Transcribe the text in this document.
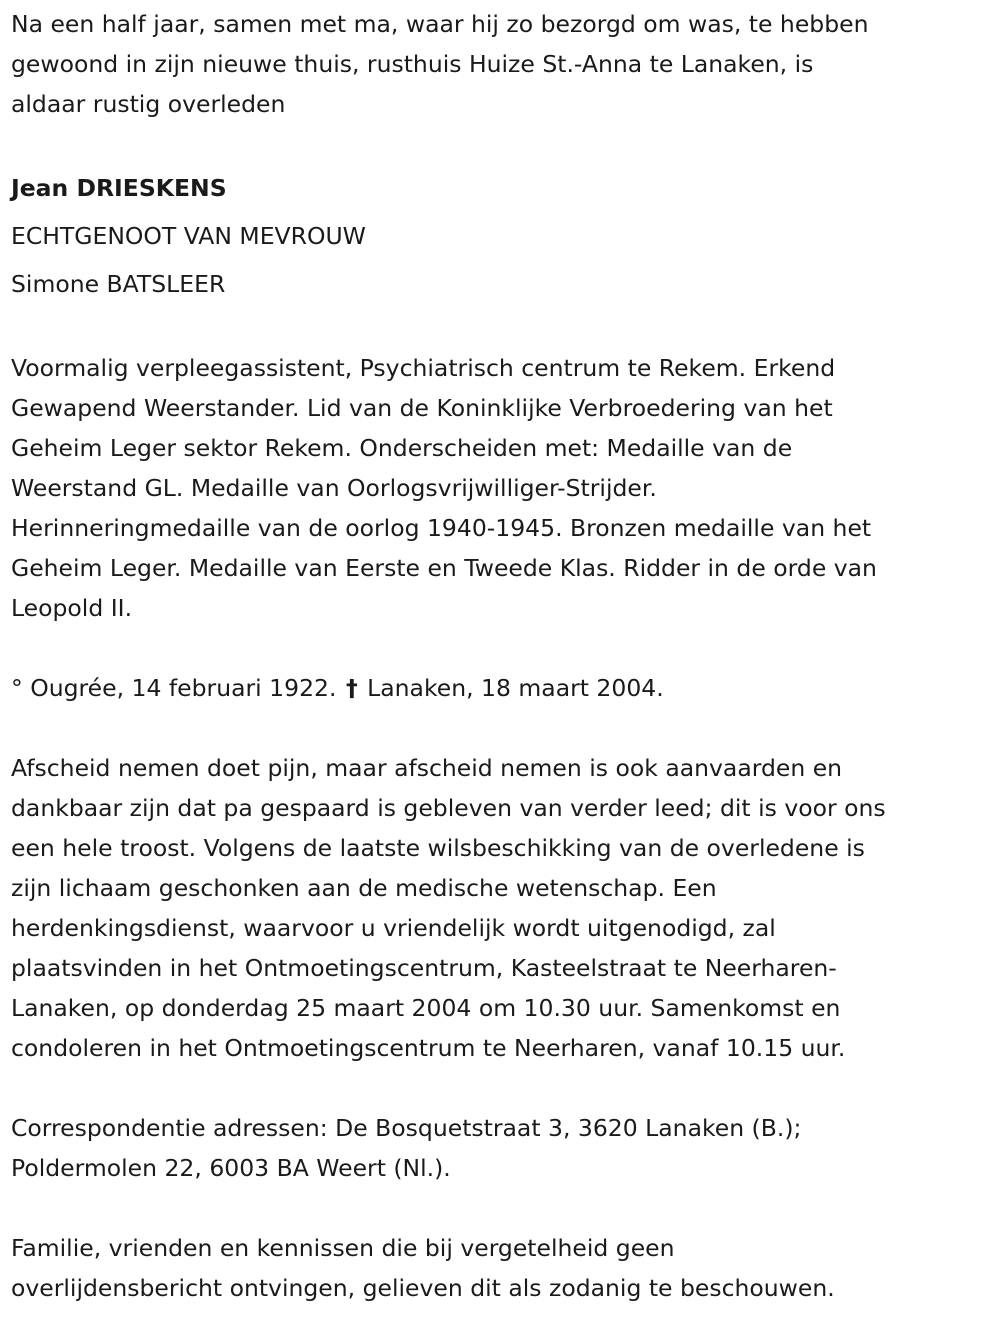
Na een half jaar, samen met ma, waar hij zo bezorgd om was, te hebben

gewoond in zijn nieuwe thuis, rusthuis Huize St.-Anna te Lanaken, is

aldaar rustig overleden

Jean DRIESKENS

ECHTGENOOT VAN MEVROUW

Simone BATSLEER

Voormalig verpleegassistent, Psychiatrisch centrum te Rekem. Erkend

Gewapend Weerstander. Lid van de Koninklijke Verbroedering van het

Geheim Leger sektor Rekem. Onderscheiden met: Medaille van de

Weerstand GL. Medaille van Oorlogsvrijwilliger-Strijder.

Herinneringmedaille van de oorlog 1940-1945. Bronzen medaille van het

Geheim Leger. Medaille van Eerste en Tweede Klas. Ridder in de orde van

Leopold II.

° Ougrée, 14 februari 1922. † Lanaken, 18 maart 2004.

Afscheid nemen doet pijn, maar afscheid nemen is ook aanvaarden en

dankbaar zijn dat pa gespaard is gebleven van verder leed; dit is voor ons

een hele troost. Volgens de laatste wilsbeschikking van de overledene is

zijn lichaam geschonken aan de medische wetenschap. Een

herdenkingsdienst, waarvoor u vriendelijk wordt uitgenodigd, zal

plaatsvinden in het Ontmoetingscentrum, Kasteelstraat te Neerharen-

Lanaken, op donderdag 25 maart 2004 om 10.30 uur. Samenkomst en

condoleren in het Ontmoetingscentrum te Neerharen, vanaf 10.15 uur.

Correspondentie adressen: De Bosquetstraat 3, 3620 Lanaken (B.);

Poldermolen 22, 6003 BA Weert (Nl.).

Familie, vrienden en kennissen die bij vergetelheid geen

overlijdensbericht ontvingen, gelieven dit als zodanig te beschouwen.
